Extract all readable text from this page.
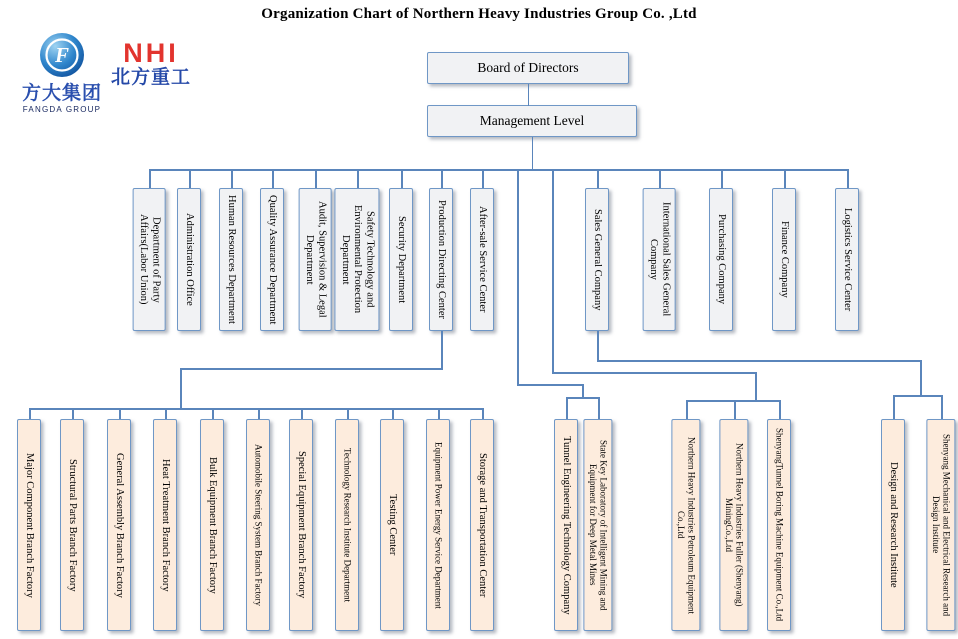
Organization Chart of Northern Heavy Industries Group Co. ,Ltd
F
方大集团
FANGDA GROUP
NHI
北方重工	Board of Directors
Management Level
Department of Party Affairs(Labor Union)	Administration Office	Human Resources Department	Quality Assurance Department	Audit, Supervision & Legal Department	Safety Technology and Environmental Protection Department	Security Department	Production Directing Center	After-sale Service Center	Sales General Company	International Sales General Company	Purchasing Company	Finance Company	Logistics Service Center
Major Component Branch Factory	Structural Parts Branch Factory	General Assembly Branch Factory	Heat Treatment Branch Factory	Bulk Equipment Branch Factory	Automobile Steering System Branch Factory	Special Equipment Branch Factory	Technology Research Institute Department	Testing Center	Equipment Power Energy Service Department	Storage and Transportation Center	Tunnel Engineering Technology Company	State Key Laboratory of Intelligent Mining and Equipment for Deep Metal Mines	Northern Heavy Industries Petroleum Equipment Co.,Ltd	Northern Heavy Industries Fuller (Shenyang) MiningCo.,Ltd	ShenyangTunnel Boring Machine Equipment Co.,Ltd	Design and Research Institute	Shenyang Mechanical and Electrical Research and Design Institute
